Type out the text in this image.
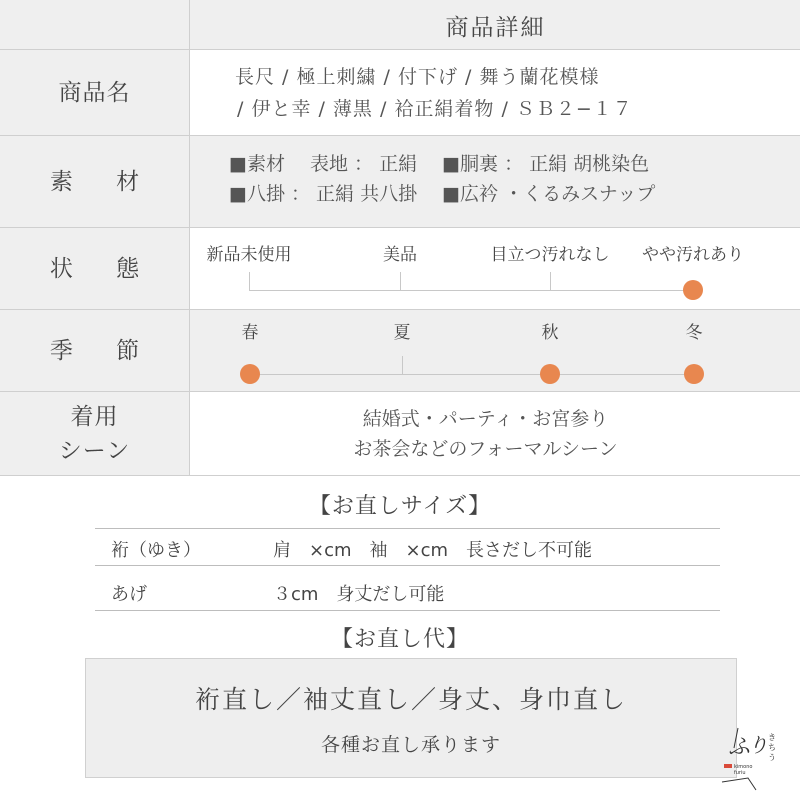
商品詳細
商品名
長尺 / 極上刺繍 / 付下げ / 舞う蘭花模様
/ 伊と幸 / 薄黒 / 袷正絹着物 / ＳＢ２−１７
素 材
■素材　 表地 ： 正絹　 ■胴裏 ： 正絹 胡桃染色
■八掛 ： 正絹 共八掛　 ■広衿 ・くるみスナップ
状 態
新品未使用	美品	目立つ汚れなし やや汚れあり
季 節
春	夏	秋	冬
着用
シーン
結婚式・パーティ・お宮参り
お茶会などのフォーマルシーン
【お直しサイズ】
裄（ゆき）	肩　×cm　袖　×cm　長さだし不可能
あげ	３cm　身丈だし可能
【お直し代】
裄直し／袖丈直し／身丈、身巾直し
各種お直し承ります	ふ
り き
ち
う
kimono
furiu
